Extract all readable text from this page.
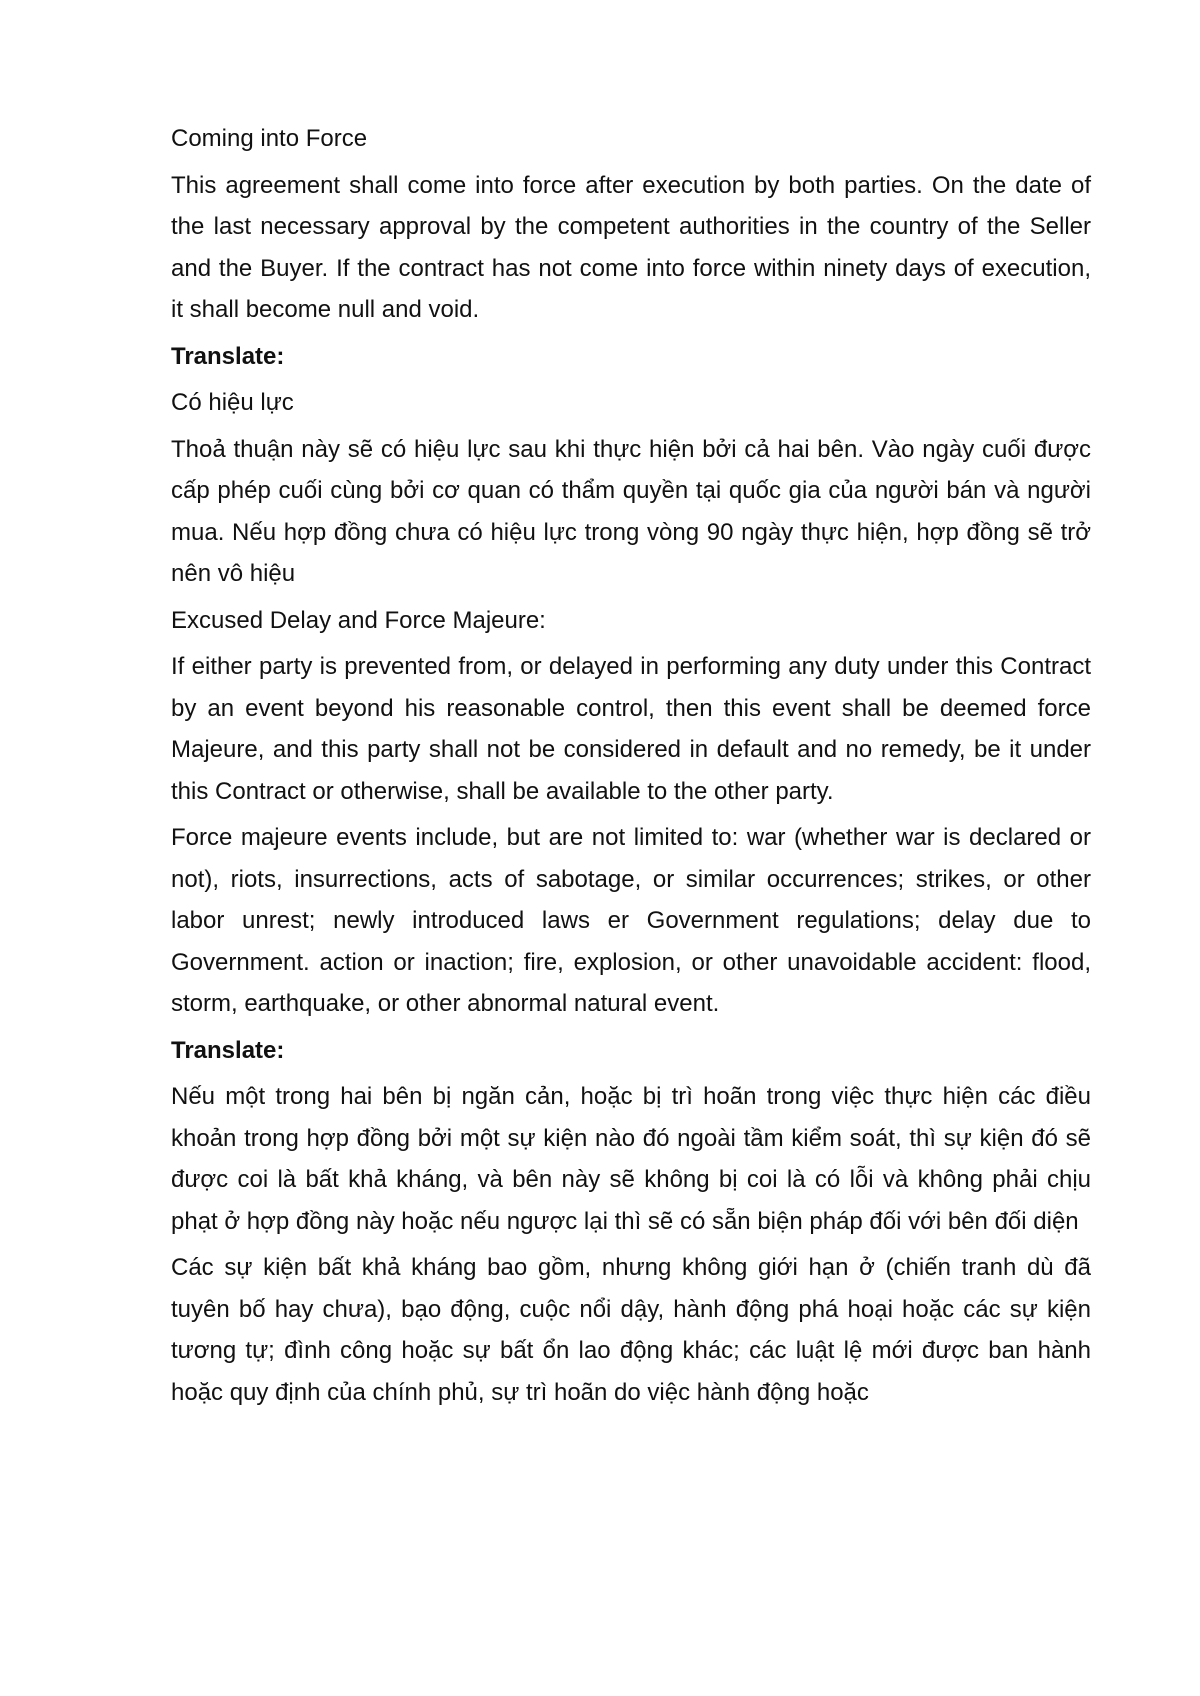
Coming into Force

This agreement shall come into force after execution by both parties. On the date of the last necessary approval by the competent authorities in the country of the Seller and the Buyer. If the contract has not come into force within ninety days of execution, it shall become null and void.

Translate:

Có hiệu lực

Thoả thuận này sẽ có hiệu lực sau khi thực hiện bởi cả hai bên. Vào ngày cuối được cấp phép cuối cùng bởi cơ quan có thẩm quyền tại quốc gia của người bán và người mua. Nếu hợp đồng chưa có hiệu lực trong vòng 90 ngày thực hiện, hợp đồng sẽ trở nên vô hiệu

Excused Delay and Force Majeure:

If either party is prevented from, or delayed in performing any duty under this Contract by an event beyond his reasonable control, then this event shall be deemed force Majeure, and this party shall not be considered in default and no remedy, be it under this Contract or otherwise, shall be available to the other party.

Force majeure events include, but are not limited to: war (whether war is declared or not), riots, insurrections, acts of sabotage, or similar occurrences; strikes, or other labor unrest; newly introduced laws er Government regulations; delay due to Government. action or inaction; fire, explosion, or other unavoidable accident: flood, storm, earthquake, or other abnormal natural event.

Translate:

Nếu một trong hai bên bị ngăn cản, hoặc bị trì hoãn trong việc thực hiện các điều khoản trong hợp đồng bởi một sự kiện nào đó ngoài tầm kiểm soát, thì sự kiện đó sẽ được coi là bất khả kháng, và bên này sẽ không bị coi là có lỗi và không phải chịu phạt ở hợp đồng này hoặc nếu ngược lại thì sẽ có sẵn biện pháp đối với bên đối diện

Các sự kiện bất khả kháng bao gồm, nhưng không giới hạn ở (chiến tranh dù đã tuyên bố hay chưa), bạo động, cuộc nổi dậy, hành động phá hoại hoặc các sự kiện tương tự; đình công hoặc sự bất ổn lao động khác; các luật lệ mới được ban hành hoặc quy định của chính phủ, sự trì hoãn do việc hành động hoặc
